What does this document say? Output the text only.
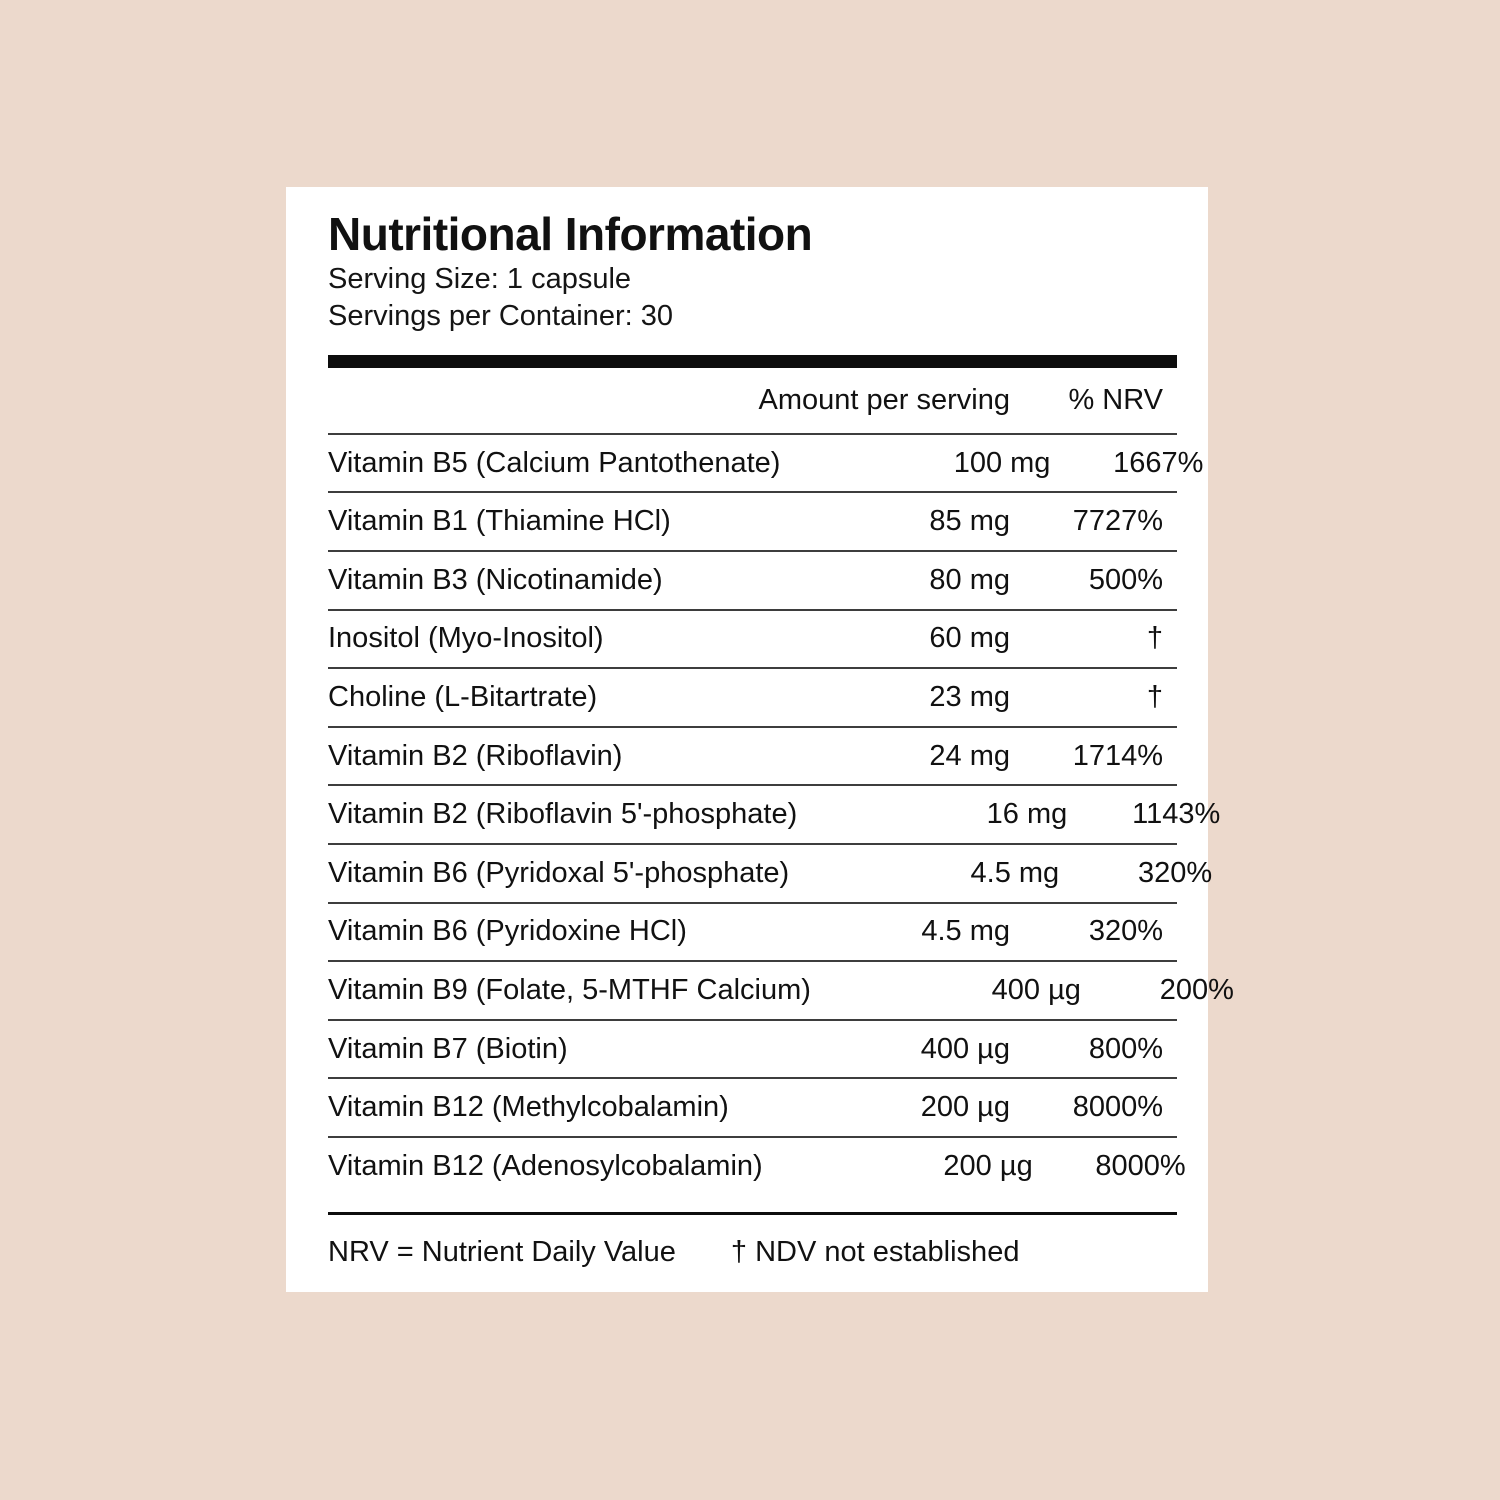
Nutritional Information

Serving Size: 1 capsule

Servings per Container: 30

Amount per serving	% NRV
Vitamin B5 (Calcium Pantothenate)	100 mg	1667%
Vitamin B1 (Thiamine HCl)	85 mg	7727%
Vitamin B3 (Nicotinamide)	80 mg	500%
Inositol (Myo-Inositol)	60 mg	†
Choline (L-Bitartrate)	23 mg	†
Vitamin B2 (Riboflavin)	24 mg	1714%
Vitamin B2 (Riboflavin 5'-phosphate)	16 mg	1143%
Vitamin B6 (Pyridoxal 5'-phosphate)	4.5 mg	320%
Vitamin B6 (Pyridoxine HCl)	4.5 mg	320%
Vitamin B9 (Folate, 5-MTHF Calcium)	400 µg	200%
Vitamin B7 (Biotin)	400 µg	800%
Vitamin B12 (Methylcobalamin)	200 µg	8000%
Vitamin B12 (Adenosylcobalamin)	200 µg	8000%
NRV = Nutrient Daily Value † NDV not established
